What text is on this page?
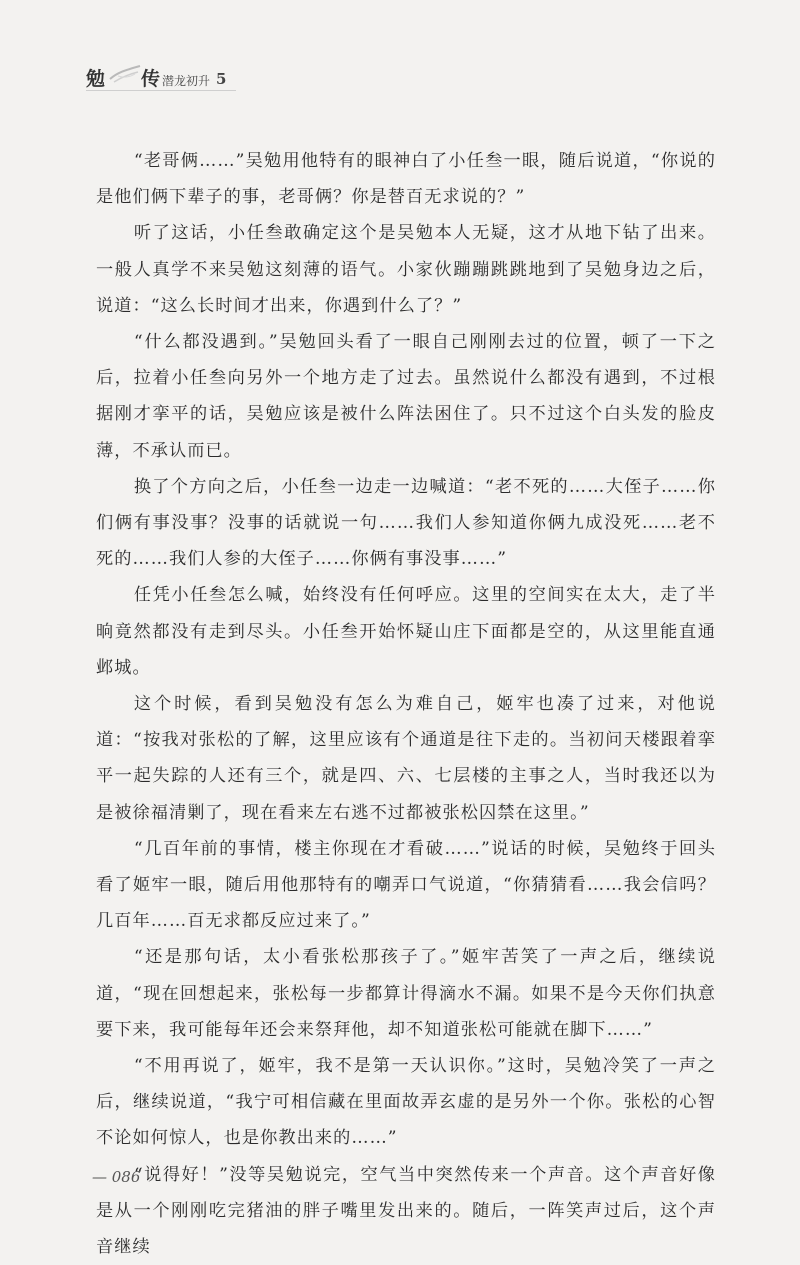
勉 传 潜龙初升 5

“老哥俩……”吴勉用他特有的眼神白了小任叁一眼，随后说道，“你说的是他们俩下辈子的事，老哥俩？你是替百无求说的？”

听了这话，小任叁敢确定这个是吴勉本人无疑，这才从地下钻了出来。一般人真学不来吴勉这刻薄的语气。小家伙蹦蹦跳跳地到了吴勉身边之后，说道：“这么长时间才出来，你遇到什么了？”

“什么都没遇到。”吴勉回头看了一眼自己刚刚去过的位置，顿了一下之后，拉着小任叁向另外一个地方走了过去。虽然说什么都没有遇到，不过根据刚才挛平的话，吴勉应该是被什么阵法困住了。只不过这个白头发的脸皮薄，不承认而已。

换了个方向之后，小任叁一边走一边喊道：“老不死的……大侄子……你们俩有事没事？没事的话就说一句……我们人参知道你俩九成没死……老不死的……我们人参的大侄子……你俩有事没事……”

任凭小任叁怎么喊，始终没有任何呼应。这里的空间实在太大，走了半晌竟然都没有走到尽头。小任叁开始怀疑山庄下面都是空的，从这里能直通邺城。

这个时候，看到吴勉没有怎么为难自己，姬牢也凑了过来，对他说道：“按我对张松的了解，这里应该有个通道是往下走的。当初问天楼跟着挛平一起失踪的人还有三个，就是四、六、七层楼的主事之人，当时我还以为是被徐福清剿了，现在看来左右逃不过都被张松囚禁在这里。”

“几百年前的事情，楼主你现在才看破……”说话的时候，吴勉终于回头看了姬牢一眼，随后用他那特有的嘲弄口气说道，“你猜猜看……我会信吗？几百年……百无求都反应过来了。”

“还是那句话，太小看张松那孩子了。”姬牢苦笑了一声之后，继续说道，“现在回想起来，张松每一步都算计得滴水不漏。如果不是今天你们执意要下来，我可能每年还会来祭拜他，却不知道张松可能就在脚下……”

“不用再说了，姬牢，我不是第一天认识你。”这时，吴勉冷笑了一声之后，继续说道，“我宁可相信藏在里面故弄玄虚的是另外一个你。张松的心智不论如何惊人，也是你教出来的……”

“说得好！”没等吴勉说完，空气当中突然传来一个声音。这个声音好像是从一个刚刚吃完猪油的胖子嘴里发出来的。随后，一阵笑声过后，这个声音继续

— 086
